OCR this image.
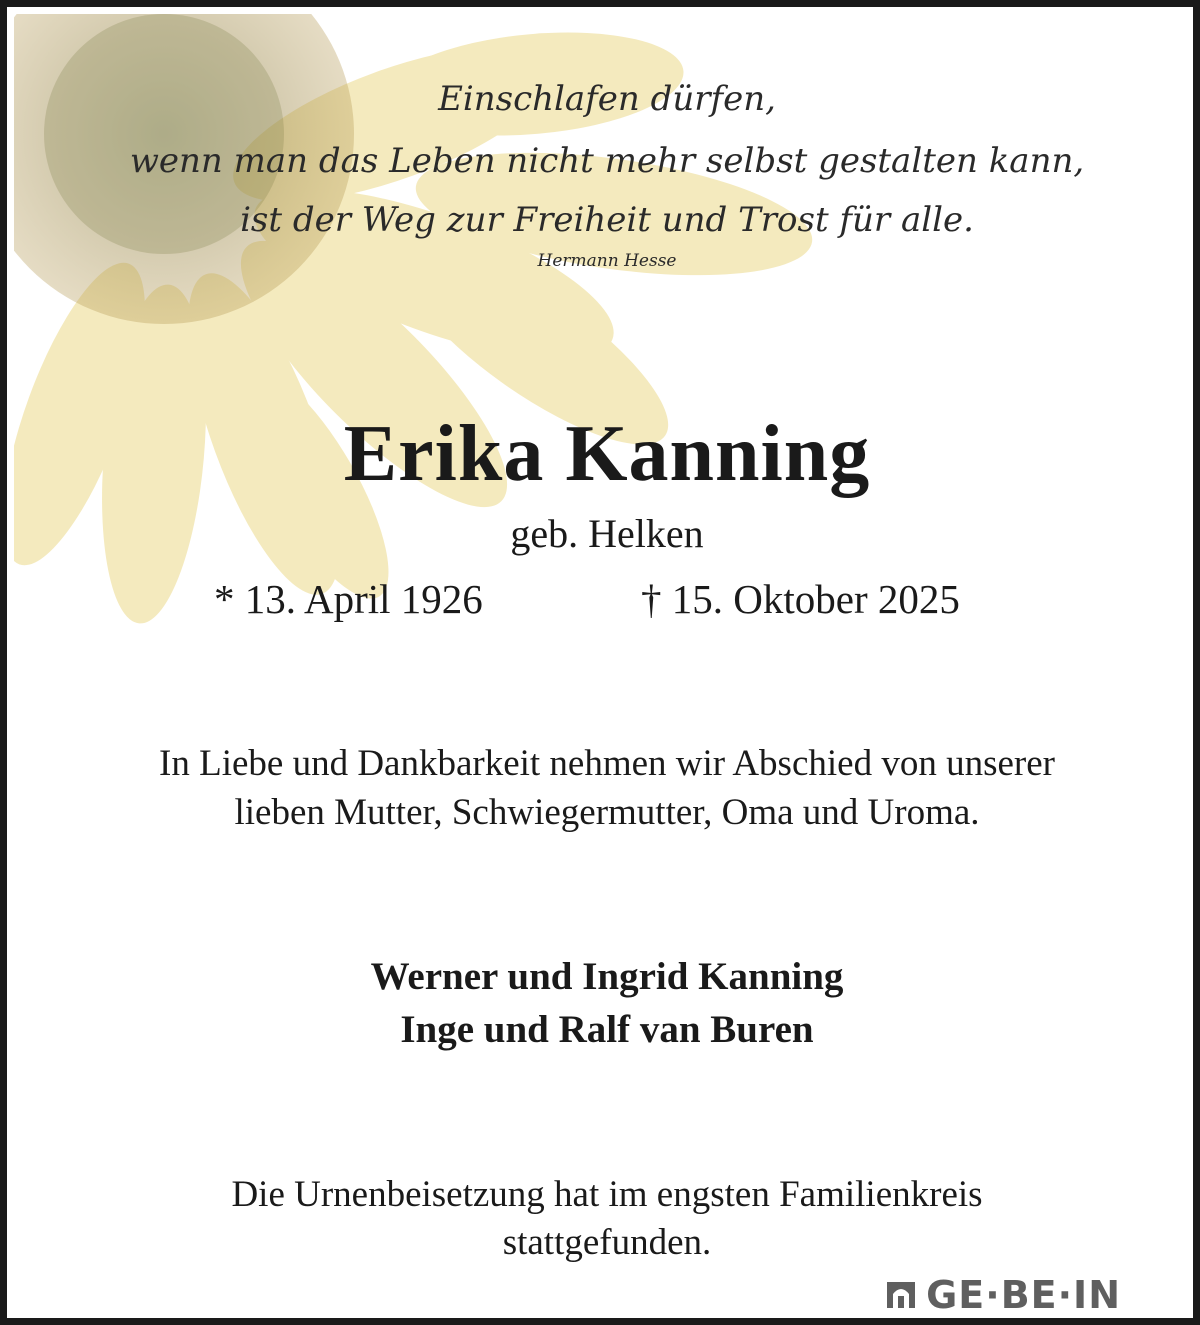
Einschlafen dürfen,
wenn man das Leben nicht mehr selbst gestalten kann,
ist der Weg zur Freiheit und Trost für alle.
Hermann Hesse
Erika Kanning
geb. Helken
* 13. April 1926	† 15. Oktober 2025
In Liebe und Dankbarkeit nehmen wir Abschied von unserer
lieben Mutter, Schwiegermutter, Oma und Uroma.
Werner und Ingrid Kanning
Inge und Ralf van Buren
Die Urnenbeisetzung hat im engsten Familienkreis
stattgefunden.
GE·BE·IN
